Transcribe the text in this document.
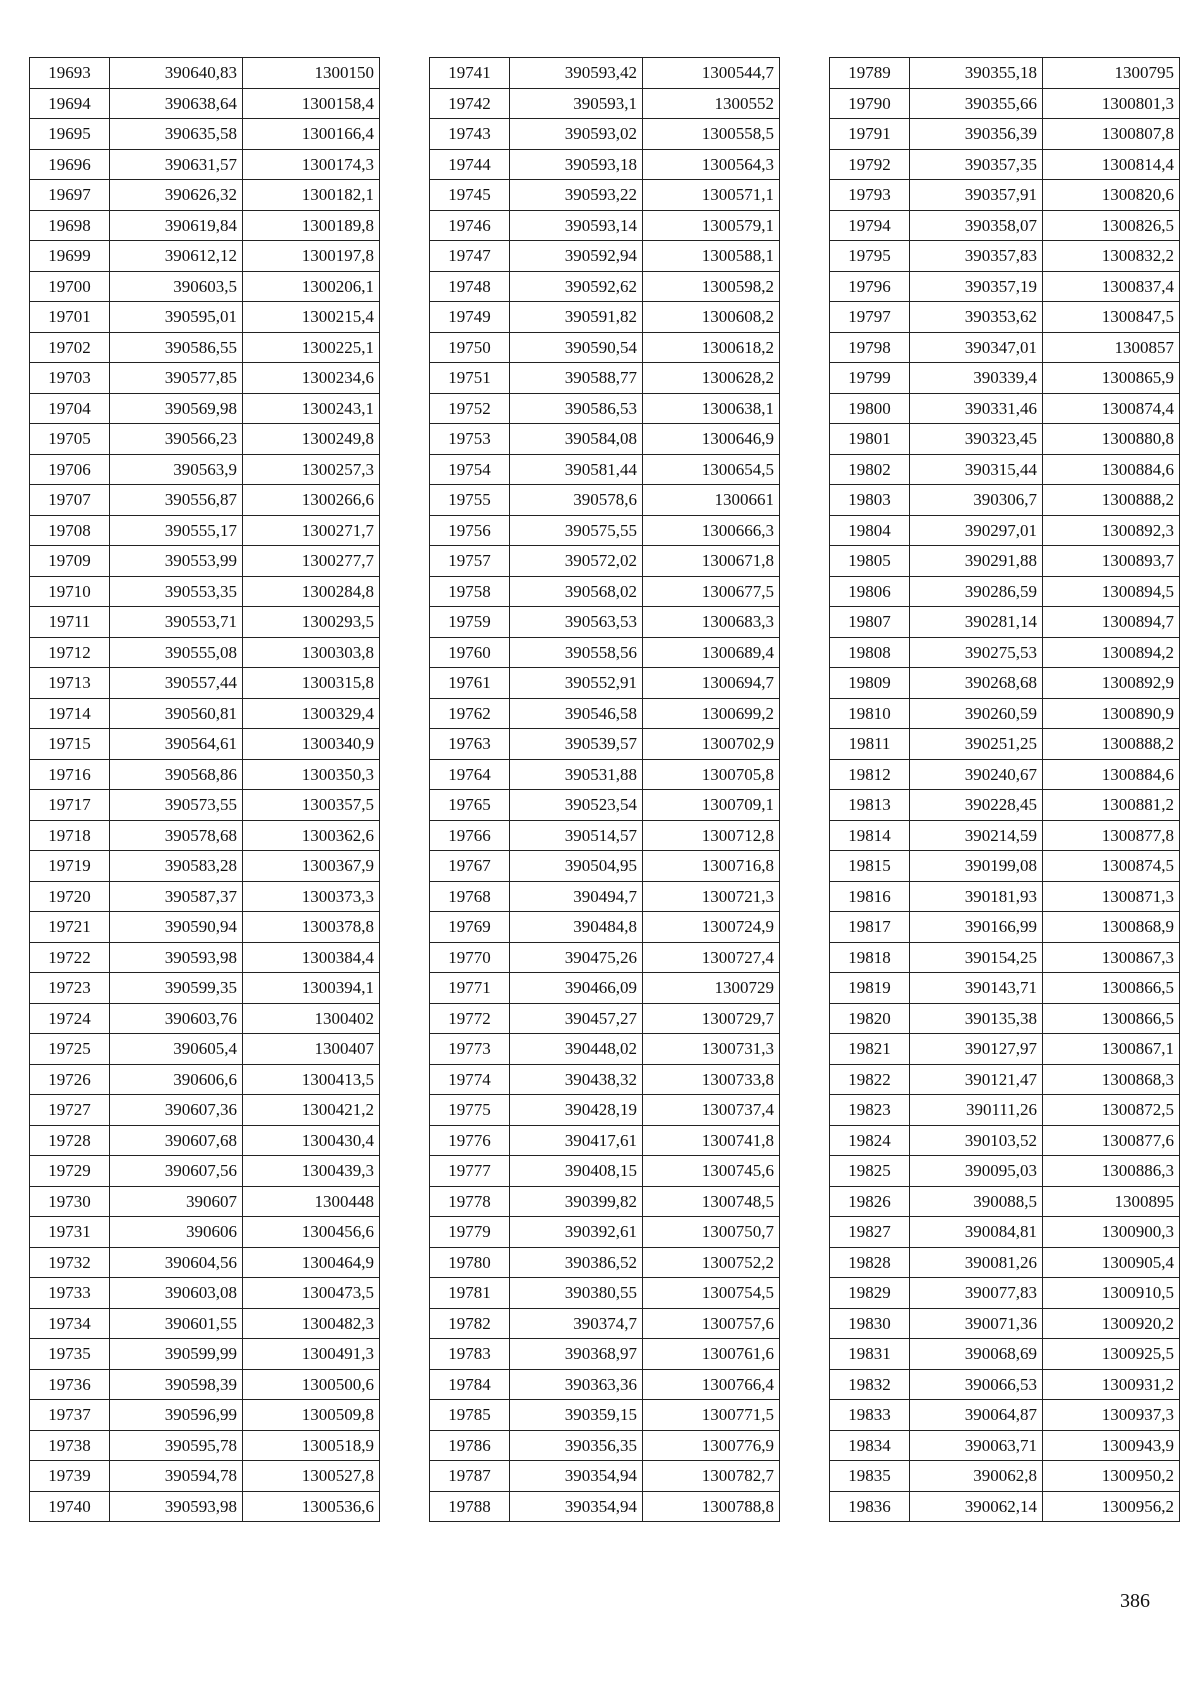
19693	390640,83	1300150
19694	390638,64	1300158,4
19695	390635,58	1300166,4
19696	390631,57	1300174,3
19697	390626,32	1300182,1
19698	390619,84	1300189,8
19699	390612,12	1300197,8
19700	390603,5	1300206,1
19701	390595,01	1300215,4
19702	390586,55	1300225,1
19703	390577,85	1300234,6
19704	390569,98	1300243,1
19705	390566,23	1300249,8
19706	390563,9	1300257,3
19707	390556,87	1300266,6
19708	390555,17	1300271,7
19709	390553,99	1300277,7
19710	390553,35	1300284,8
19711	390553,71	1300293,5
19712	390555,08	1300303,8
19713	390557,44	1300315,8
19714	390560,81	1300329,4
19715	390564,61	1300340,9
19716	390568,86	1300350,3
19717	390573,55	1300357,5
19718	390578,68	1300362,6
19719	390583,28	1300367,9
19720	390587,37	1300373,3
19721	390590,94	1300378,8
19722	390593,98	1300384,4
19723	390599,35	1300394,1
19724	390603,76	1300402
19725	390605,4	1300407
19726	390606,6	1300413,5
19727	390607,36	1300421,2
19728	390607,68	1300430,4
19729	390607,56	1300439,3
19730	390607	1300448
19731	390606	1300456,6
19732	390604,56	1300464,9
19733	390603,08	1300473,5
19734	390601,55	1300482,3
19735	390599,99	1300491,3
19736	390598,39	1300500,6
19737	390596,99	1300509,8
19738	390595,78	1300518,9
19739	390594,78	1300527,8
19740	390593,98	1300536,6
19741	390593,42	1300544,7
19742	390593,1	1300552
19743	390593,02	1300558,5
19744	390593,18	1300564,3
19745	390593,22	1300571,1
19746	390593,14	1300579,1
19747	390592,94	1300588,1
19748	390592,62	1300598,2
19749	390591,82	1300608,2
19750	390590,54	1300618,2
19751	390588,77	1300628,2
19752	390586,53	1300638,1
19753	390584,08	1300646,9
19754	390581,44	1300654,5
19755	390578,6	1300661
19756	390575,55	1300666,3
19757	390572,02	1300671,8
19758	390568,02	1300677,5
19759	390563,53	1300683,3
19760	390558,56	1300689,4
19761	390552,91	1300694,7
19762	390546,58	1300699,2
19763	390539,57	1300702,9
19764	390531,88	1300705,8
19765	390523,54	1300709,1
19766	390514,57	1300712,8
19767	390504,95	1300716,8
19768	390494,7	1300721,3
19769	390484,8	1300724,9
19770	390475,26	1300727,4
19771	390466,09	1300729
19772	390457,27	1300729,7
19773	390448,02	1300731,3
19774	390438,32	1300733,8
19775	390428,19	1300737,4
19776	390417,61	1300741,8
19777	390408,15	1300745,6
19778	390399,82	1300748,5
19779	390392,61	1300750,7
19780	390386,52	1300752,2
19781	390380,55	1300754,5
19782	390374,7	1300757,6
19783	390368,97	1300761,6
19784	390363,36	1300766,4
19785	390359,15	1300771,5
19786	390356,35	1300776,9
19787	390354,94	1300782,7
19788	390354,94	1300788,8
19789	390355,18	1300795
19790	390355,66	1300801,3
19791	390356,39	1300807,8
19792	390357,35	1300814,4
19793	390357,91	1300820,6
19794	390358,07	1300826,5
19795	390357,83	1300832,2
19796	390357,19	1300837,4
19797	390353,62	1300847,5
19798	390347,01	1300857
19799	390339,4	1300865,9
19800	390331,46	1300874,4
19801	390323,45	1300880,8
19802	390315,44	1300884,6
19803	390306,7	1300888,2
19804	390297,01	1300892,3
19805	390291,88	1300893,7
19806	390286,59	1300894,5
19807	390281,14	1300894,7
19808	390275,53	1300894,2
19809	390268,68	1300892,9
19810	390260,59	1300890,9
19811	390251,25	1300888,2
19812	390240,67	1300884,6
19813	390228,45	1300881,2
19814	390214,59	1300877,8
19815	390199,08	1300874,5
19816	390181,93	1300871,3
19817	390166,99	1300868,9
19818	390154,25	1300867,3
19819	390143,71	1300866,5
19820	390135,38	1300866,5
19821	390127,97	1300867,1
19822	390121,47	1300868,3
19823	390111,26	1300872,5
19824	390103,52	1300877,6
19825	390095,03	1300886,3
19826	390088,5	1300895
19827	390084,81	1300900,3
19828	390081,26	1300905,4
19829	390077,83	1300910,5
19830	390071,36	1300920,2
19831	390068,69	1300925,5
19832	390066,53	1300931,2
19833	390064,87	1300937,3
19834	390063,71	1300943,9
19835	390062,8	1300950,2
19836	390062,14	1300956,2
386
